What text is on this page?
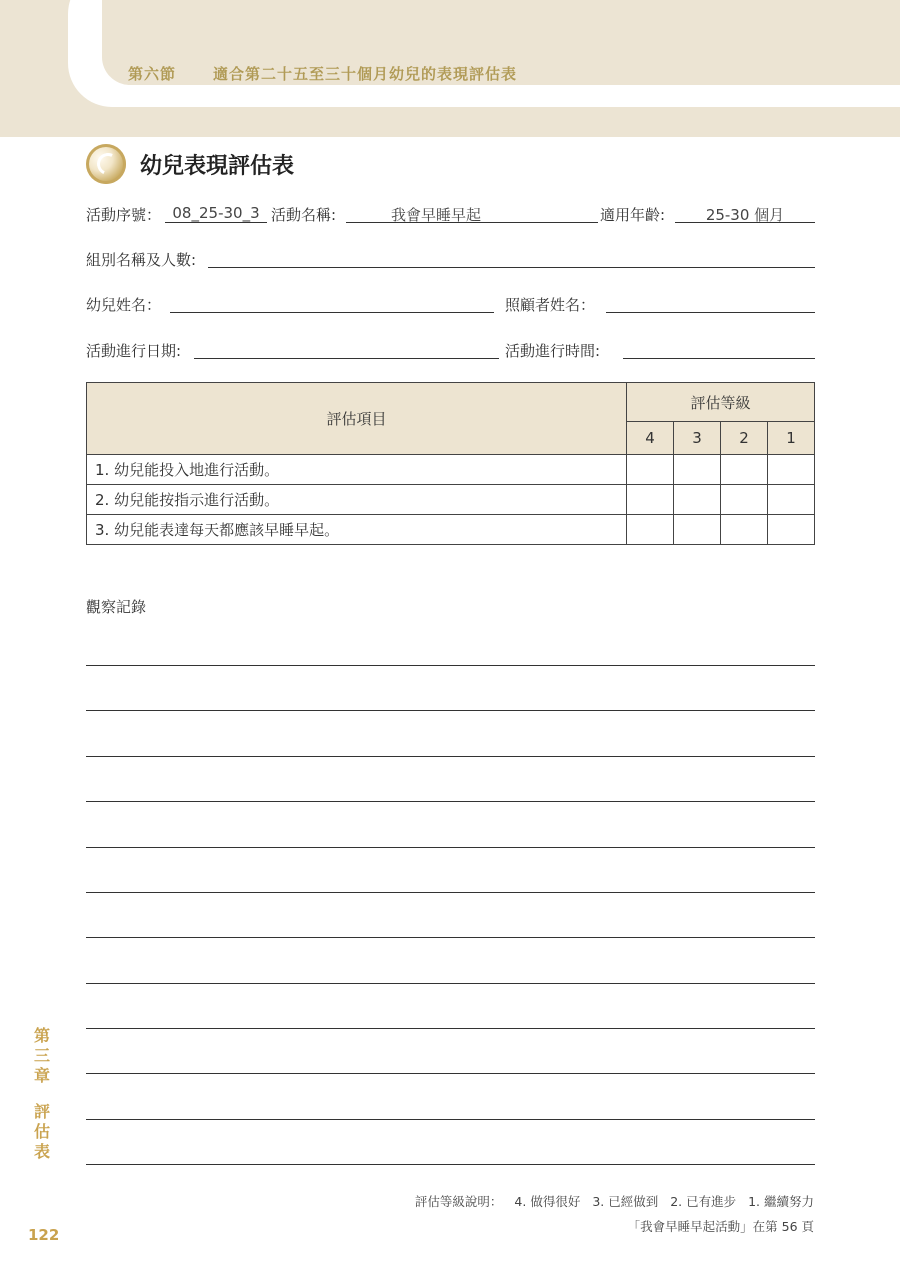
第六節 適合第二十五至三十個月幼兒的表現評估表
幼兒表現評估表
活動序號： 08_25-30_3 活動名稱:	我會早睡早起	適用年齡:	25-30 個月
組別名稱及人數:
幼兒姓名：	照顧者姓名：
活動進行日期:	活動進行時間:
評估項目	評估等級			
	4	3	2	1
1. 幼兒能投入地進行活動。				
2. 幼兒能按指示進行活動。				
3. 幼兒能表達每天都應該早睡早起。				
觀察記錄
第
三
章
評
估
表
122
評估等級說明： 4. 做得很好 3. 已經做到 2. 已有進步 1. 繼續努力
「我會早睡早起活動」在第 56 頁
